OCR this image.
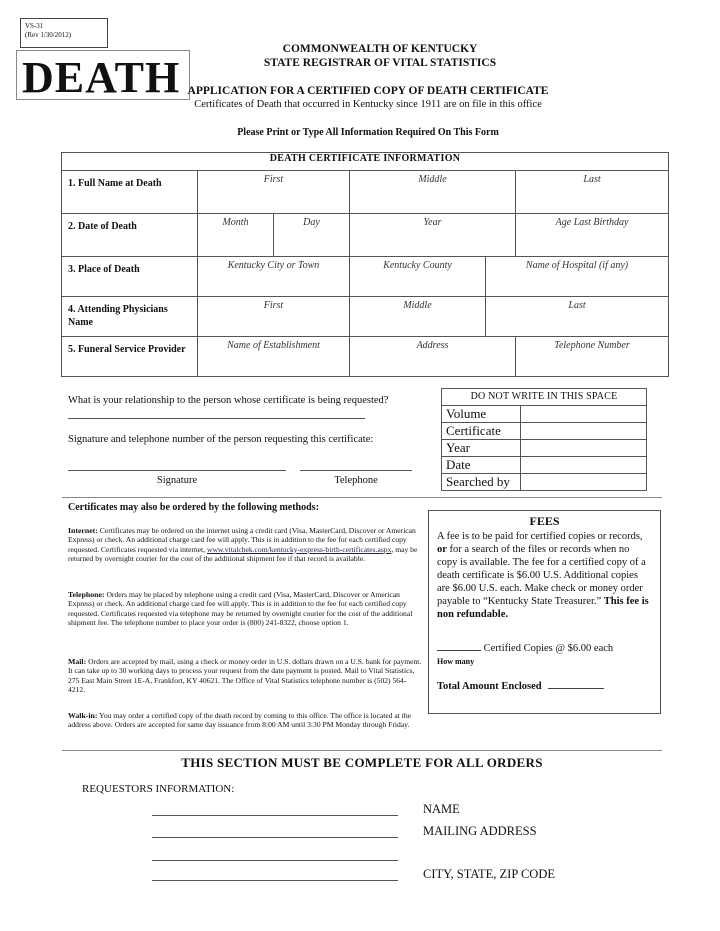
VS-31
(Rev 1/30/2012)
DEATH
COMMONWEALTH OF KENTUCKY
STATE REGISTRAR OF VITAL STATISTICS
APPLICATION FOR A CERTIFIED COPY OF DEATH CERTIFICATE
Certificates of Death that occurred in Kentucky since 1911 are on file in this office
Please Print or Type All Information Required On This Form
DEATH CERTIFICATE INFORMATION					
1. Full Name at Death	First		Middle		Last
2. Date of Death	Month	Day	Year		Age Last Birthday
3. Place of Death	Kentucky City or Town		Kentucky County	Name of Hospital (if any)	
4. Attending Physicians Name	First		Middle	Last	
5. Funeral Service Provider	Name of Establishment		Address		Telephone Number
What is your relationship to the person whose certificate is being requested?
Signature and telephone number of the person requesting this certificate:
Signature	Telephone
DO NOT WRITE IN THIS SPACE	
Volume	
Certificate	
Year	
Date	
Searched by	
Certificates may also be ordered by the following methods:
Internet: Certificates may be ordered on the internet using a credit card (Visa, MasterCard, Discover or American Express) or check. An additional charge card fee will apply. This is in addition to the fee for each certified copy requested. Certificates requested via internet, www.vitalchek.com/kentucky-express-birth-certificates.aspx, may be returned by overnight courier for the cost of the additional shipment fee if that record is available.
Telephone: Orders may be placed by telephone using a credit card (Visa, MasterCard, Discover or American Express) or check. An additional charge card fee will apply. This is in addition to the fee for each certified copy requested. Certificates requested via telephone may be returned by overnight courier for the cost of the additional shipment fee. The telephone number to place your order is (800) 241-8322, choose option 1.
Mail: Orders are accepted by mail, using a check or money order in U.S. dollars drawn on a U.S. bank for payment. It can take up to 30 working days to process your request from the date payment is posted. Mail to Vital Statistics, 275 East Main Street 1E-A, Frankfort, KY 40621. The Office of Vital Statistics telephone number is (502) 564-4212.
Walk-in: You may order a certified copy of the death record by coming to this office. The office is located at the address above. Orders are accepted for same day issuance from 8:00 AM until 3:30 PM Monday through Friday.
FEES
A fee is to be paid for certified copies or records, or for a search of the files or records when no copy is available. The fee for a certified copy of a death certificate is $6.00 U.S. Additional copies are $6.00 U.S. each. Make check or money order payable to “Kentucky State Treasurer.” This fee is non refundable.
Certified Copies @ $6.00 each
How many
Total Amount Enclosed
THIS SECTION MUST BE COMPLETE FOR ALL ORDERS
REQUESTORS INFORMATION:
NAME
MAILING ADDRESS
CITY, STATE, ZIP CODE
